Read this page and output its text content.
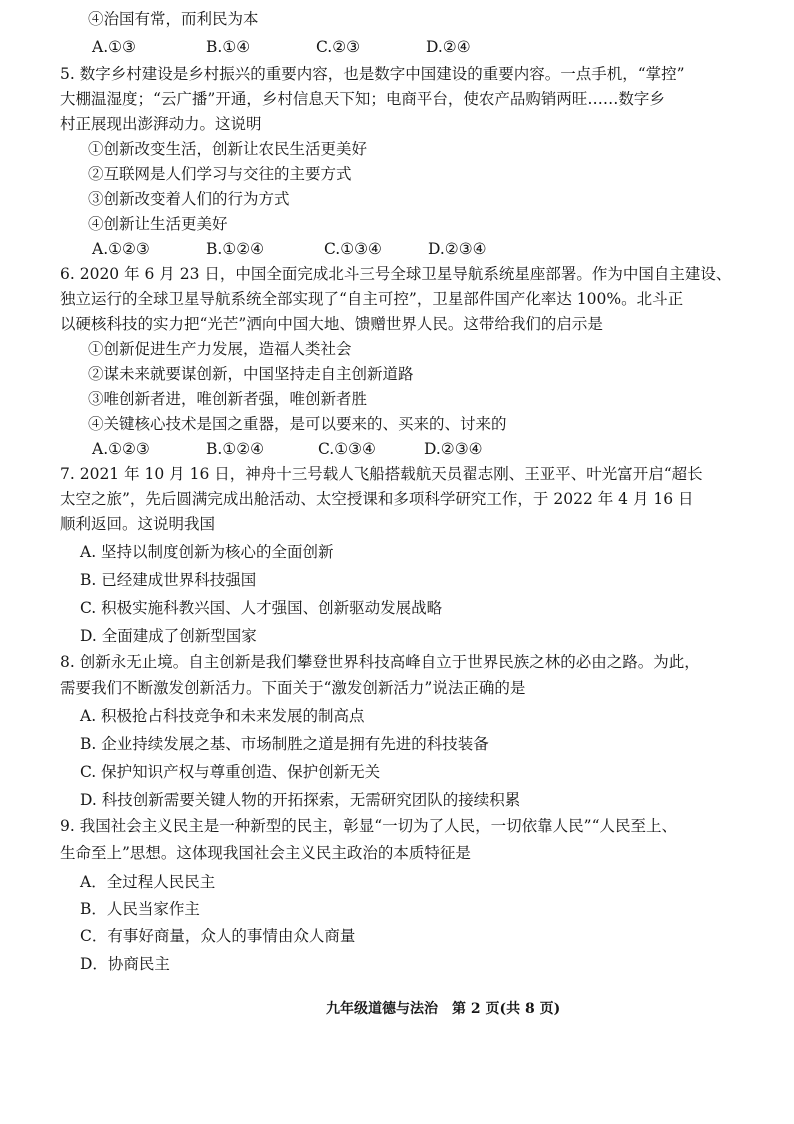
④治国有常，而利民为本
A.①③	B.①④	C.②③	D.②④
5. 数字乡村建设是乡村振兴的重要内容，也是数字中国建设的重要内容。一点手机，“掌控”
大棚温湿度；“云广播”开通，乡村信息天下知；电商平台，使农产品购销两旺……数字乡
村正展现出澎湃动力。这说明
①创新改变生活，创新让农民生活更美好
②互联网是人们学习与交往的主要方式
③创新改变着人们的行为方式
④创新让生活更美好
A.①②③	B.①②④	C.①③④	D.②③④
6. 2020 年 6 月 23 日，中国全面完成北斗三号全球卫星导航系统星座部署。作为中国自主建设、
独立运行的全球卫星导航系统全部实现了“自主可控”，卫星部件国产化率达 100%。北斗正
以硬核科技的实力把“光芒”洒向中国大地、馈赠世界人民。这带给我们的启示是
①创新促进生产力发展，造福人类社会
②谋未来就要谋创新，中国坚持走自主创新道路
③唯创新者进，唯创新者强，唯创新者胜
④关键核心技术是国之重器，是可以要来的、买来的、讨来的
A.①②③	B.①②④	C.①③④	D.②③④
7. 2021 年 10 月 16 日，神舟十三号载人飞船搭载航天员翟志刚、王亚平、叶光富开启“超长
太空之旅”，先后圆满完成出舱活动、太空授课和多项科学研究工作，于 2022 年 4 月 16 日
顺利返回。这说明我国
A. 坚持以制度创新为核心的全面创新
B. 已经建成世界科技强国
C. 积极实施科教兴国、人才强国、创新驱动发展战略
D. 全面建成了创新型国家
8. 创新永无止境。自主创新是我们攀登世界科技高峰自立于世界民族之林的必由之路。为此，
需要我们不断激发创新活力。下面关于“激发创新活力”说法正确的是
A. 积极抢占科技竞争和未来发展的制高点
B. 企业持续发展之基、市场制胜之道是拥有先进的科技装备
C. 保护知识产权与尊重创造、保护创新无关
D. 科技创新需要关键人物的开拓探索，无需研究团队的接续积累
9. 我国社会主义民主是一种新型的民主，彰显“一切为了人民，一切依靠人民”“人民至上、
生命至上”思想。这体现我国社会主义民主政治的本质特征是
A．全过程人民民主
B．人民当家作主
C．有事好商量，众人的事情由众人商量
D．协商民主
九年级道德与法治　第 2 页(共 8 页)
